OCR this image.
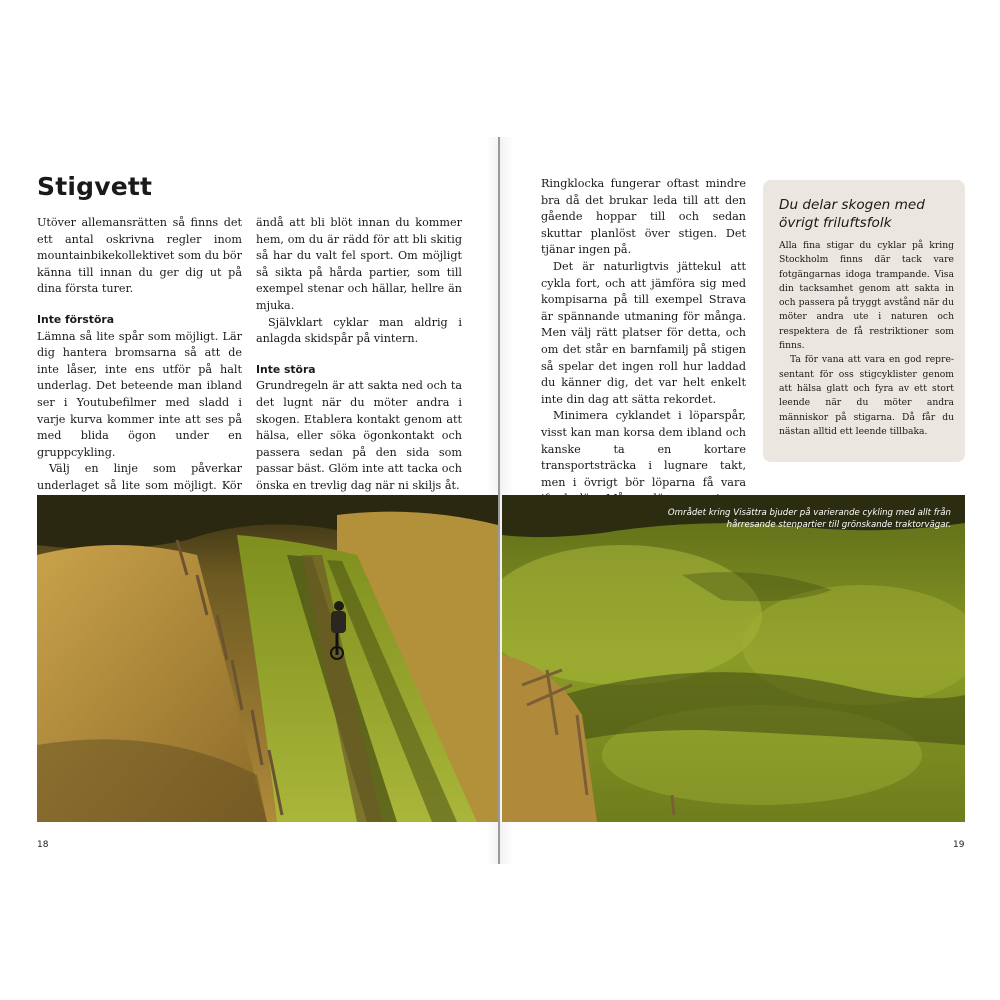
Stigvett

Utöver allemansrätten så finns det ett antal oskrivna regler inom mountainbikekollektivet som du bör känna till innan du ger dig ut på dina första turer.

Inte förstöra

Lämna så lite spår som möjligt. Lär dig hantera bromsarna så att de inte låser, inte ens utför på halt underlag. Det beteende man ibland ser i Youtubefilmer med sladd i varje kurva kommer inte att ses på med blida ögon under en gruppcykling.

Välj en linje som påverkar underlaget så lite som möjligt. Kör

ändå att bli blöt innan du kommer hem, om du är rädd för att bli skitig så har du valt fel sport. Om möjligt så sikta på hårda partier, som till exempel stenar och hällar, hellre än mjuka.

Självklart cyklar man aldrig i anlagda skidspår på vintern.

Inte störa

Grundregeln är att sakta ned och ta det lugnt när du möter andra i skogen. Etablera kontakt genom att hälsa, eller söka ögonkontakt och passera sedan på den sida som passar bäst. Glöm inte att tacka och önska en trevlig dag när ni skiljs åt.

18

Ringklocka fungerar oftast mindre bra då det brukar leda till att den gående hoppar till och sedan skuttar planlöst över stigen. Det tjänar ingen på.

Det är naturligtvis jättekul att cykla fort, och att jämföra sig med kompisarna på till exempel Strava är spännande utmaning för många. Men välj rätt platser för detta, och om det står en barnfamilj på stigen så spelar det ingen roll hur laddad du känner dig, det var helt enkelt inte din dag att sätta rekordet.

Minimera cyklandet i löparspår, visst kan man korsa dem ibland och kanske ta en kortare transportsträcka i lugnare takt, men i övrigt bör löparna få vara

Du delar skogen med övrigt friluftsfolk

Alla fina stigar du cyklar på kring Stockholm finns där tack vare fotgängarnas idoga trampande. Visa din tacksamhet genom att sakta in och passera på tryggt avstånd när du möter andra ute i naturen och respektera de få restriktioner som finns.

Ta för vana att vara en god representant för oss stigcyklister genom att hälsa glatt och fyra av ett stort leende när du möter andra människor på stigarna. Då får du nästan alltid ett leende tillbaka.

Området kring Visättra bjuder på varierande cykling med allt från hårresande stenpartier till grönskande traktorvägar.
19
